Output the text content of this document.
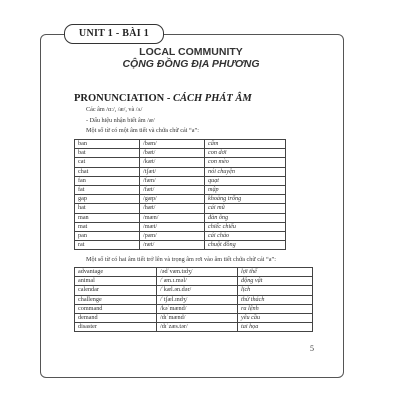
UNIT 1 - BÀI 1
LOCAL COMMUNITY
CỘNG ĐỒNG ĐỊA PHƯƠNG
PRONUNCIATION - CÁCH PHÁT ÂM
Các âm /ɑ:/, /æ/, và /ʌ/
- Dấu hiệu nhận biết âm /æ/
Một số từ có một âm tiết và chứa chữ cái “a”:
ban	/bæn/	cấm
bat	/bæt/	con dơi
cat	/kæt/	con mèo
chat	/tʃæt/	nói chuyện
fan	/fæn/	quạt
fat	/fæt/	mập
gap	/gæp/	khoảng trống
hat	/hæt/	cái mũ
man	/mæn/	đàn ông
mat	/mæt/	chiếc chiếu
pan	/pæn/	cái chảo
rat	/ræt/	chuột đồng
Một số từ có hai âm tiết trở lên và trọng âm rơi vào âm tiết chứa chữ cái “a”:
advantage	/ədˈvæn.tɪdʒ/	lợi thế
animal	/ˈæn.ɪ.məl/	động vật
calendar	/ˈkæl.ən.dər/	lịch
challenge	/ˈtʃæl.ɪndʒ/	thử thách
command	/kəˈmænd/	ra lệnh
demand	/dɪˈmænd/	yêu cầu
disaster	/dɪˈzæs.tər/	tai họa
5
